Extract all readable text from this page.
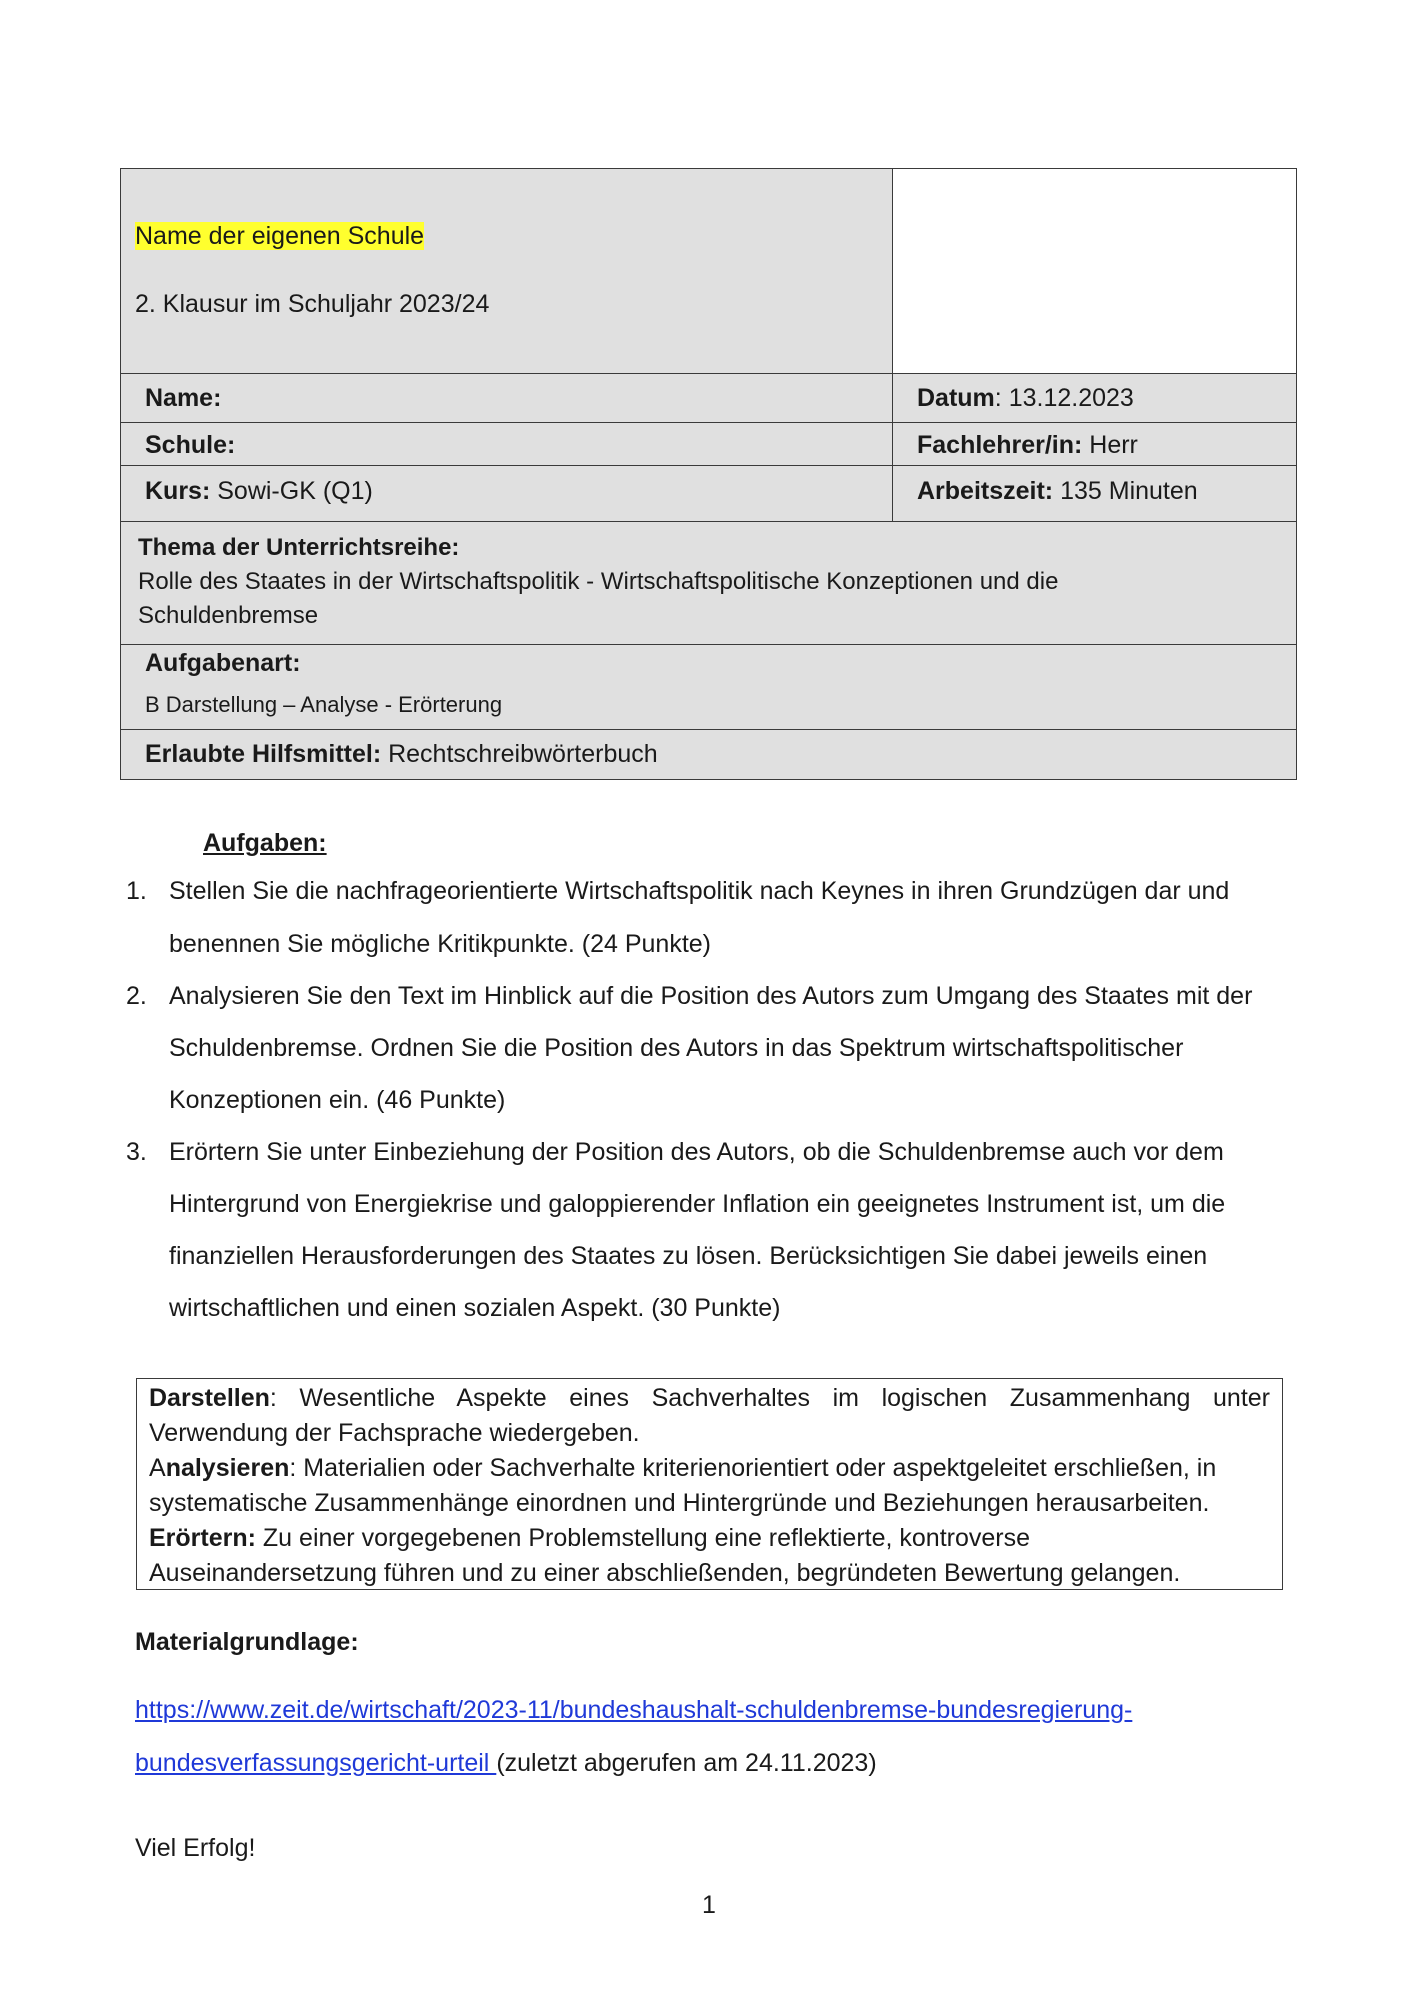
Name der eigenen Schule
2. Klausur im Schuljahr 2023/24
Name:	Datum: 13.12.2023
Schule:	Fachlehrer/in: Herr
Kurs: Sowi-GK (Q1)	Arbeitszeit: 135 Minuten
Thema der Unterrichtsreihe:
Rolle des Staates in der Wirtschaftspolitik - Wirtschaftspolitische Konzeptionen und die
Schuldenbremse
Aufgabenart:
B Darstellung – Analyse - Erörterung
Erlaubte Hilfsmittel: Rechtschreibwörterbuch
Aufgaben:
1. Stellen Sie die nachfrageorientierte Wirtschaftspolitik nach Keynes in ihren Grundzügen dar und
benennen Sie mögliche Kritikpunkte. (24 Punkte)
2. Analysieren Sie den Text im Hinblick auf die Position des Autors zum Umgang des Staates mit der
Schuldenbremse. Ordnen Sie die Position des Autors in das Spektrum wirtschaftspolitischer
Konzeptionen ein. (46 Punkte)
3. Erörtern Sie unter Einbeziehung der Position des Autors, ob die Schuldenbremse auch vor dem
Hintergrund von Energiekrise und galoppierender Inflation ein geeignetes Instrument ist, um die
finanziellen Herausforderungen des Staates zu lösen. Berücksichtigen Sie dabei jeweils einen
wirtschaftlichen und einen sozialen Aspekt. (30 Punkte)
Darstellen: Wesentliche Aspekte eines Sachverhaltes im logischen Zusammenhang unter
Verwendung der Fachsprache wiedergeben.
Analysieren: Materialien oder Sachverhalte kriterienorientiert oder aspektgeleitet erschließen, in
systematische Zusammenhänge einordnen und Hintergründe und Beziehungen herausarbeiten.
Erörtern: Zu einer vorgegebenen Problemstellung eine reflektierte, kontroverse
Auseinandersetzung führen und zu einer abschließenden, begründeten Bewertung gelangen.
Materialgrundlage:
https://www.zeit.de/wirtschaft/2023-11/bundeshaushalt-schuldenbremse-bundesregierung-
bundesverfassungsgericht-urteil (zuletzt abgerufen am 24.11.2023)
Viel Erfolg!
1
